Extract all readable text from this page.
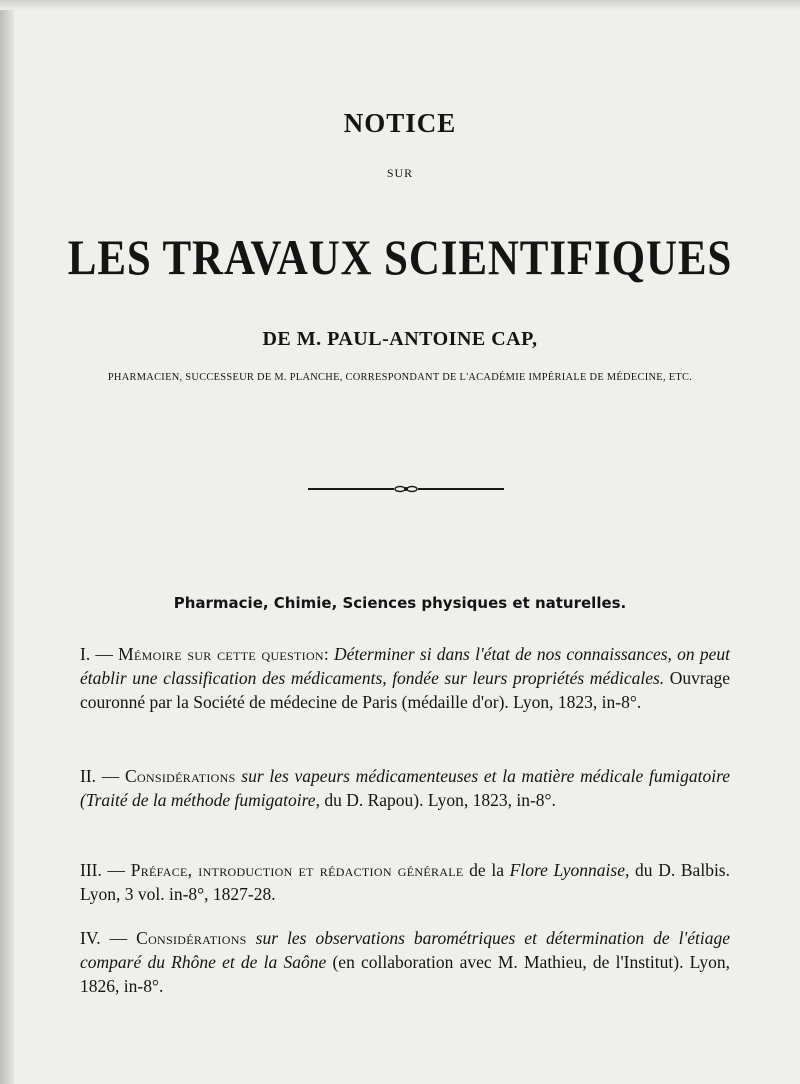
NOTICE
SUR
LES TRAVAUX SCIENTIFIQUES
DE M. PAUL-ANTOINE CAP,
PHARMACIEN, SUCCESSEUR DE M. PLANCHE, CORRESPONDANT DE L'ACADÉMIE IMPÉRIALE DE MÉDECINE, ETC.
Pharmacie, Chimie, Sciences physiques et naturelles.
I. — Mémoire sur cette question: Déterminer si dans l'état de nos connaissances, on peut établir une classification des médicaments, fondée sur leurs propriétés médicales. Ouvrage couronné par la Société de médecine de Paris (médaille d'or). Lyon, 1823, in-8°.
II. — Considérations sur les vapeurs médicamenteuses et la matière médicale fumigatoire (Traité de la méthode fumigatoire, du D. Rapou). Lyon, 1823, in-8°.
III. — Préface, introduction et rédaction générale de la Flore Lyonnaise, du D. Balbis. Lyon, 3 vol. in-8°, 1827-28.
IV. — Considérations sur les observations barométriques et détermination de l'étiage comparé du Rhône et de la Saône (en collaboration avec M. Mathieu, de l'Institut). Lyon, 1826, in-8°.
